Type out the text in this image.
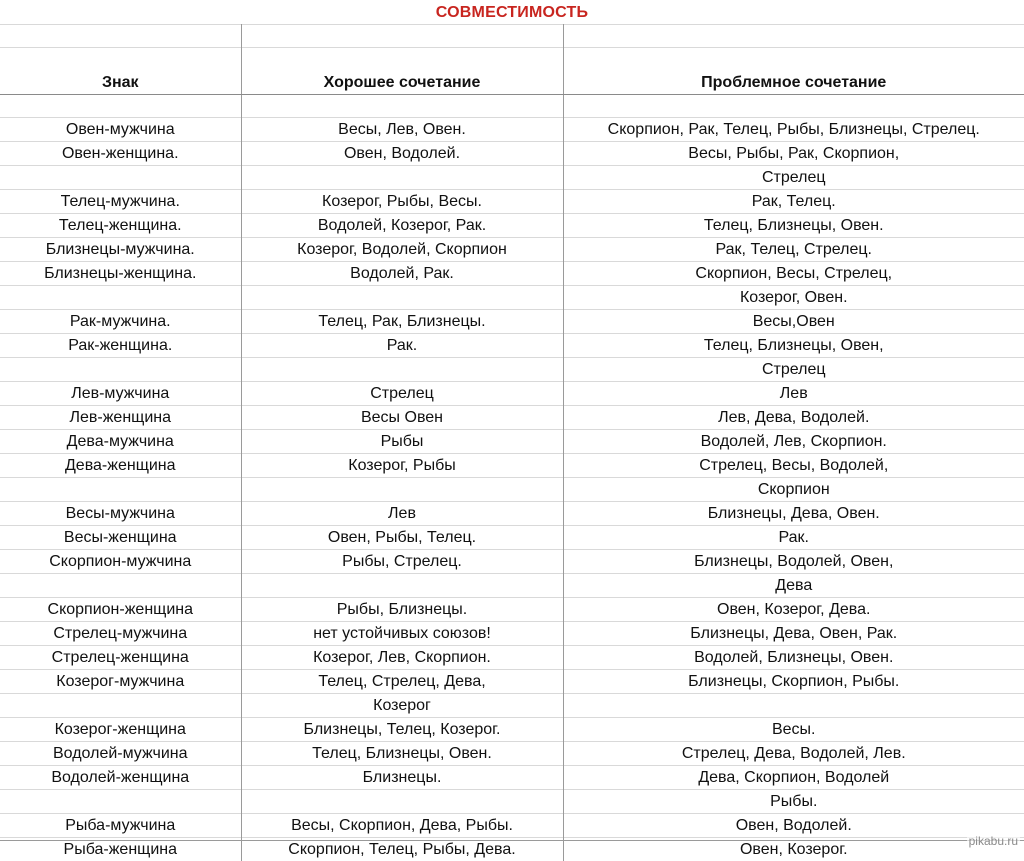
СОВМЕСТИМОСТЬ

Знак	Хорошее сочетание	Проблемное сочетание

Овен-мужчина	Весы, Лев, Овен.	Скорпион, Рак, Телец, Рыбы, Близнецы, Стрелец.
Овен-женщина.	Овен, Водолей.	Весы, Рыбы, Рак, Скорпион,
		Стрелец
Телец-мужчина.	Козерог, Рыбы, Весы.	Рак, Телец.
Телец-женщина.	Водолей, Козерог, Рак.	Телец, Близнецы, Овен.
Близнецы-мужчина.	Козерог, Водолей, Скорпион	Рак, Телец, Стрелец.
Близнецы-женщина.	Водолей, Рак.	Скорпион, Весы, Стрелец,
		Козерог, Овен.
Рак-мужчина.	Телец, Рак, Близнецы.	Весы,Овен
Рак-женщина.	Рак.	Телец, Близнецы, Овен,
		Стрелец
Лев-мужчина	Стрелец	Лев
Лев-женщина	Весы Овен	Лев, Дева, Водолей.
Дева-мужчина	Рыбы	Водолей, Лев, Скорпион.
Дева-женщина	Козерог, Рыбы	Стрелец, Весы, Водолей,
		Скорпион
Весы-мужчина	Лев	Близнецы, Дева, Овен.
Весы-женщина	Овен, Рыбы, Телец.	Рак.
Скорпион-мужчина	Рыбы, Стрелец.	Близнецы, Водолей, Овен,
		Дева
Скорпион-женщина	Рыбы, Близнецы.	Овен, Козерог, Дева.
Стрелец-мужчина	нет устойчивых союзов!	Близнецы, Дева, Овен, Рак.
Стрелец-женщина	Козерог, Лев, Скорпион.	Водолей, Близнецы, Овен.
Козерог-мужчина	Телец, Стрелец, Дева,	Близнецы, Скорпион, Рыбы.
	Козерог	
Козерог-женщина	Близнецы, Телец, Козерог.	Весы.
Водолей-мужчина	Телец, Близнецы, Овен.	Стрелец, Дева, Водолей, Лев.
Водолей-женщина	Близнецы.	Дева, Скорпион, Водолей
		Рыбы.
Рыба-мужчина	Весы, Скорпион, Дева, Рыбы.	Овен, Водолей.
Рыба-женщина	Скорпион, Телец, Рыбы, Дева.	Овен, Козерог.	pikabu.ru
